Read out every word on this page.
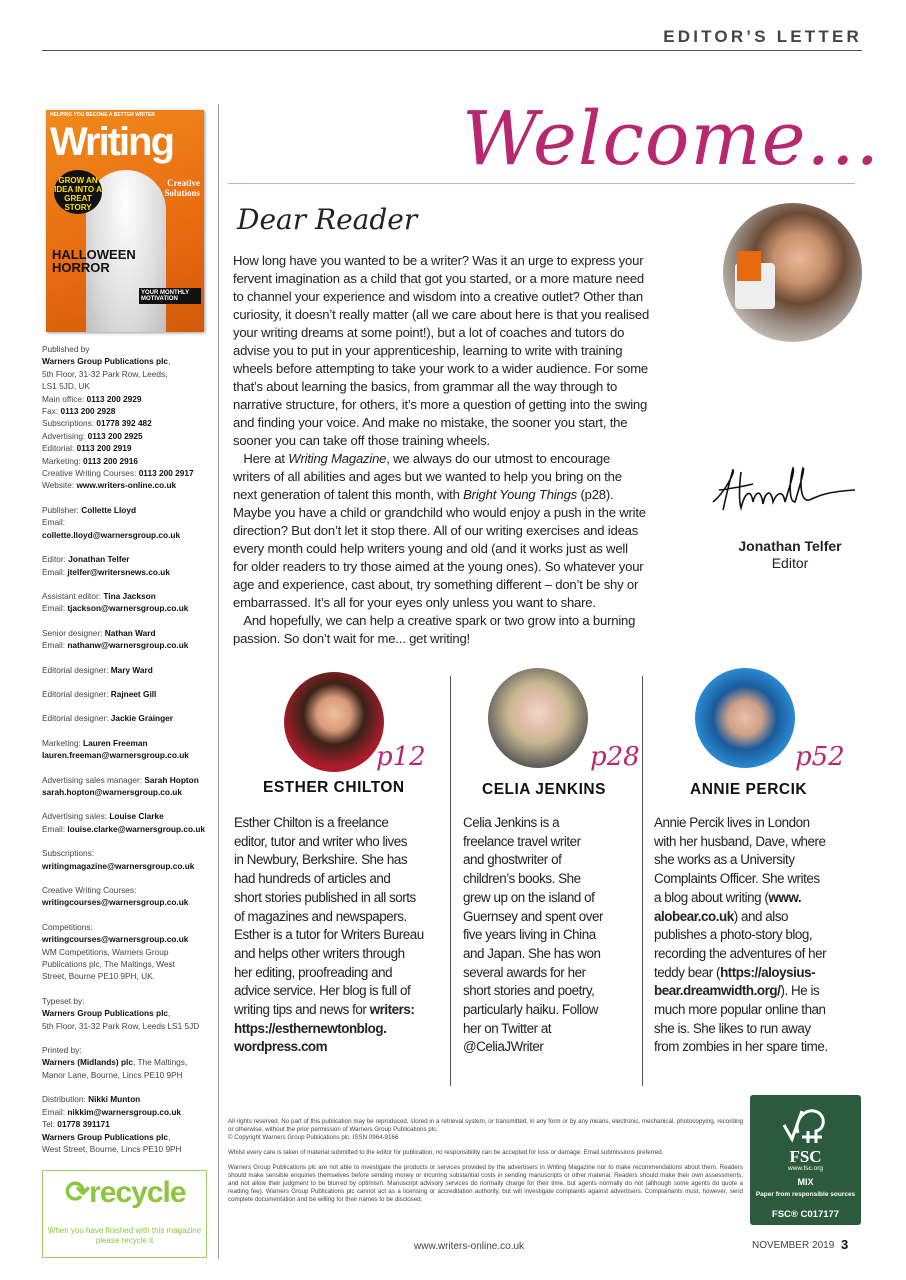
EDITOR’S LETTER
HELPING YOU BECOME A BETTER WRITER
Writing
GROW AN IDEA INTO A GREAT STORY
Creative Solutions
HALLOWEEN HORROR
YOUR MONTHLY MOTIVATION
Published by
Warners Group Publications plc,
5th Floor, 31-32 Park Row, Leeds,
LS1 5JD, UK
Main office: 0113 200 2929
Fax: 0113 200 2928
Subscriptions: 01778 392 482
Advertising: 0113 200 2925
Editorial: 0113 200 2919
Marketing: 0113 200 2916
Creative Writing Courses: 0113 200 2917
Website: www.writers-online.co.uk
Publisher: Collette Lloyd
Email:
collette.lloyd@warnersgroup.co.uk
Editor: Jonathan Telfer
Email: jtelfer@writersnews.co.uk
Assistant editor: Tina Jackson
Email: tjackson@warnersgroup.co.uk
Senior designer: Nathan Ward
Email: nathanw@warnersgroup.co.uk
Editorial designer: Mary Ward
Editorial designer: Rajneet Gill
Editorial designer: Jackie Grainger
Marketing: Lauren Freeman
lauren.freeman@warnersgroup.co.uk
Advertising sales manager: Sarah Hopton
sarah.hopton@warnersgroup.co.uk
Advertising sales: Louise Clarke
Email: louise.clarke@warnersgroup.co.uk
Subscriptions:
writingmagazine@warnersgroup.co.uk
Creative Writing Courses:
writingcourses@warnersgroup.co.uk
Competitions:
writingcourses@warnersgroup.co.uk
WM Competitions, Warners Group
Publications plc, The Maltings, West
Street, Bourne PE10 9PH, UK.
Typeset by:
Warners Group Publications plc,
5th Floor, 31-32 Park Row, Leeds LS1 5JD
Printed by:
Warners (Midlands) plc, The Maltings,
Manor Lane, Bourne, Lincs PE10 9PH
Distribution: Nikki Munton
Email: nikkim@warnersgroup.co.uk
Tel: 01778 391171
Warners Group Publications plc,
West Street, Bourne, Lincs PE10 9PH
⟳recycle
When you have finished with this magazine please recycle it
Welcome...
Dear Reader
How long have you wanted to be a writer? Was it an urge to express your
fervent imagination as a child that got you started, or a more mature need
to channel your experience and wisdom into a creative outlet? Other than
curiosity, it doesn’t really matter (all we care about here is that you realised
your writing dreams at some point!), but a lot of coaches and tutors do
advise you to put in your apprenticeship, learning to write with training
wheels before attempting to take your work to a wider audience. For some
that’s about learning the basics, from grammar all the way through to
narrative structure, for others, it’s more a question of getting into the swing
and finding your voice. And make no mistake, the sooner you start, the
sooner you can take off those training wheels.
Here at Writing Magazine, we always do our utmost to encourage
writers of all abilities and ages but we wanted to help you bring on the
next generation of talent this month, with Bright Young Things (p28).
Maybe you have a child or grandchild who would enjoy a push in the write
direction? But don’t let it stop there. All of our writing exercises and ideas
every month could help writers young and old (and it works just as well
for older readers to try those aimed at the young ones). So whatever your
age and experience, cast about, try something different – don’t be shy or
embarrassed. It’s all for your eyes only unless you want to share.
And hopefully, we can help a creative spark or two grow into a burning
passion. So don’t wait for me... get writing!
Jonathan Telfer
Editor
p12
ESTHER CHILTON
Esther Chilton is a freelance
editor, tutor and writer who lives
in Newbury, Berkshire. She has
had hundreds of articles and
short stories published in all sorts
of magazines and newspapers.
Esther is a tutor for Writers Bureau
and helps other writers through
her editing, proofreading and
advice service. Her blog is full of
writing tips and news for writers:
https://esthernewtonblog.
wordpress.com
p28
CELIA JENKINS
Celia Jenkins is a
freelance travel writer
and ghostwriter of
children’s books. She
grew up on the island of
Guernsey and spent over
five years living in China
and Japan. She has won
several awards for her
short stories and poetry,
particularly haiku. Follow
her on Twitter at
@CeliaJWriter
p52
ANNIE PERCIK
Annie Percik lives in London
with her husband, Dave, where
she works as a University
Complaints Officer. She writes
a blog about writing (www.
alobear.co.uk) and also
publishes a photo-story blog,
recording the adventures of her
teddy bear (https://aloysius-
bear.dreamwidth.org/). He is
much more popular online than
she is. She likes to run away
from zombies in her spare time.

All rights reserved. No part of this publication may be reproduced, stored in a retrieval system, or transmitted, in any form or by any means, electronic, mechanical, photocopying, recording or otherwise, without the prior permission of Warners Group Publications plc.
© Copyright Warners Group Publications plc. ISSN 0964-9166

Whilst every care is taken of material submitted to the editor for publication, no responsibility can be accepted for loss or damage. Email submissions preferred.

Warners Group Publications plc are not able to investigate the products or services provided by the advertisers in Writing Magazine nor to make recommendations about them. Readers should make sensible enquiries themselves before sending money or incurring substantial costs in sending manuscripts or other material. Readers should make their own assessments, and not allow their judgment to be blurred by optimism. Manuscript advisory services do normally charge for their time, but agents normally do not (although some agents do quote a reading fee). Warners Group Publications plc cannot act as a licensing or accreditation authority, but will investigate complaints against advertisers. Complainants must, however, send complete documentation and be willing for their names to be disclosed.

FSC
www.fsc.org
MIX
Paper from responsible sources
FSC® C017177
www.writers-online.co.uk	NOVEMBER 2019 3
